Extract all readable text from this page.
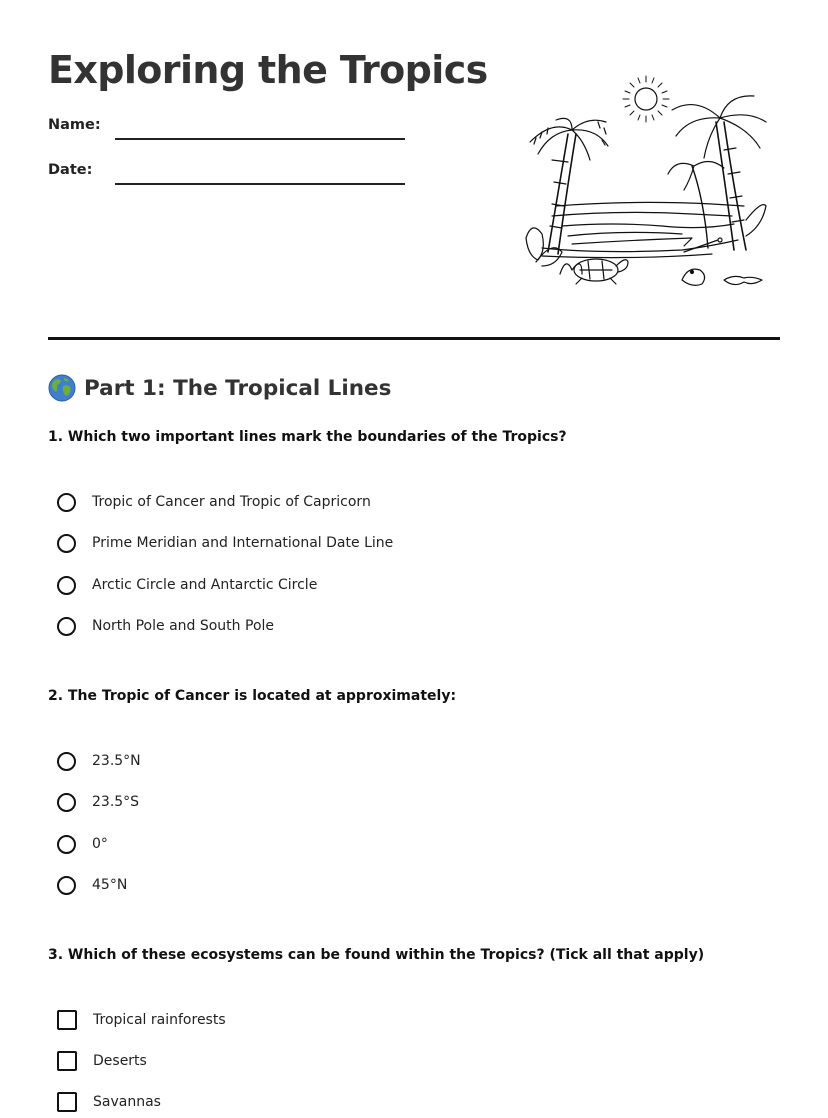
Exploring the Tropics
Name:
Date:
Part 1: The Tropical Lines
1. Which two important lines mark the boundaries of the Tropics?
Tropic of Cancer and Tropic of Capricorn
Prime Meridian and International Date Line
Arctic Circle and Antarctic Circle
North Pole and South Pole
2. The Tropic of Cancer is located at approximately:
23.5°N
23.5°S
0°
45°N
3. Which of these ecosystems can be found within the Tropics? (Tick all that apply)
Tropical rainforests
Deserts
Savannas
